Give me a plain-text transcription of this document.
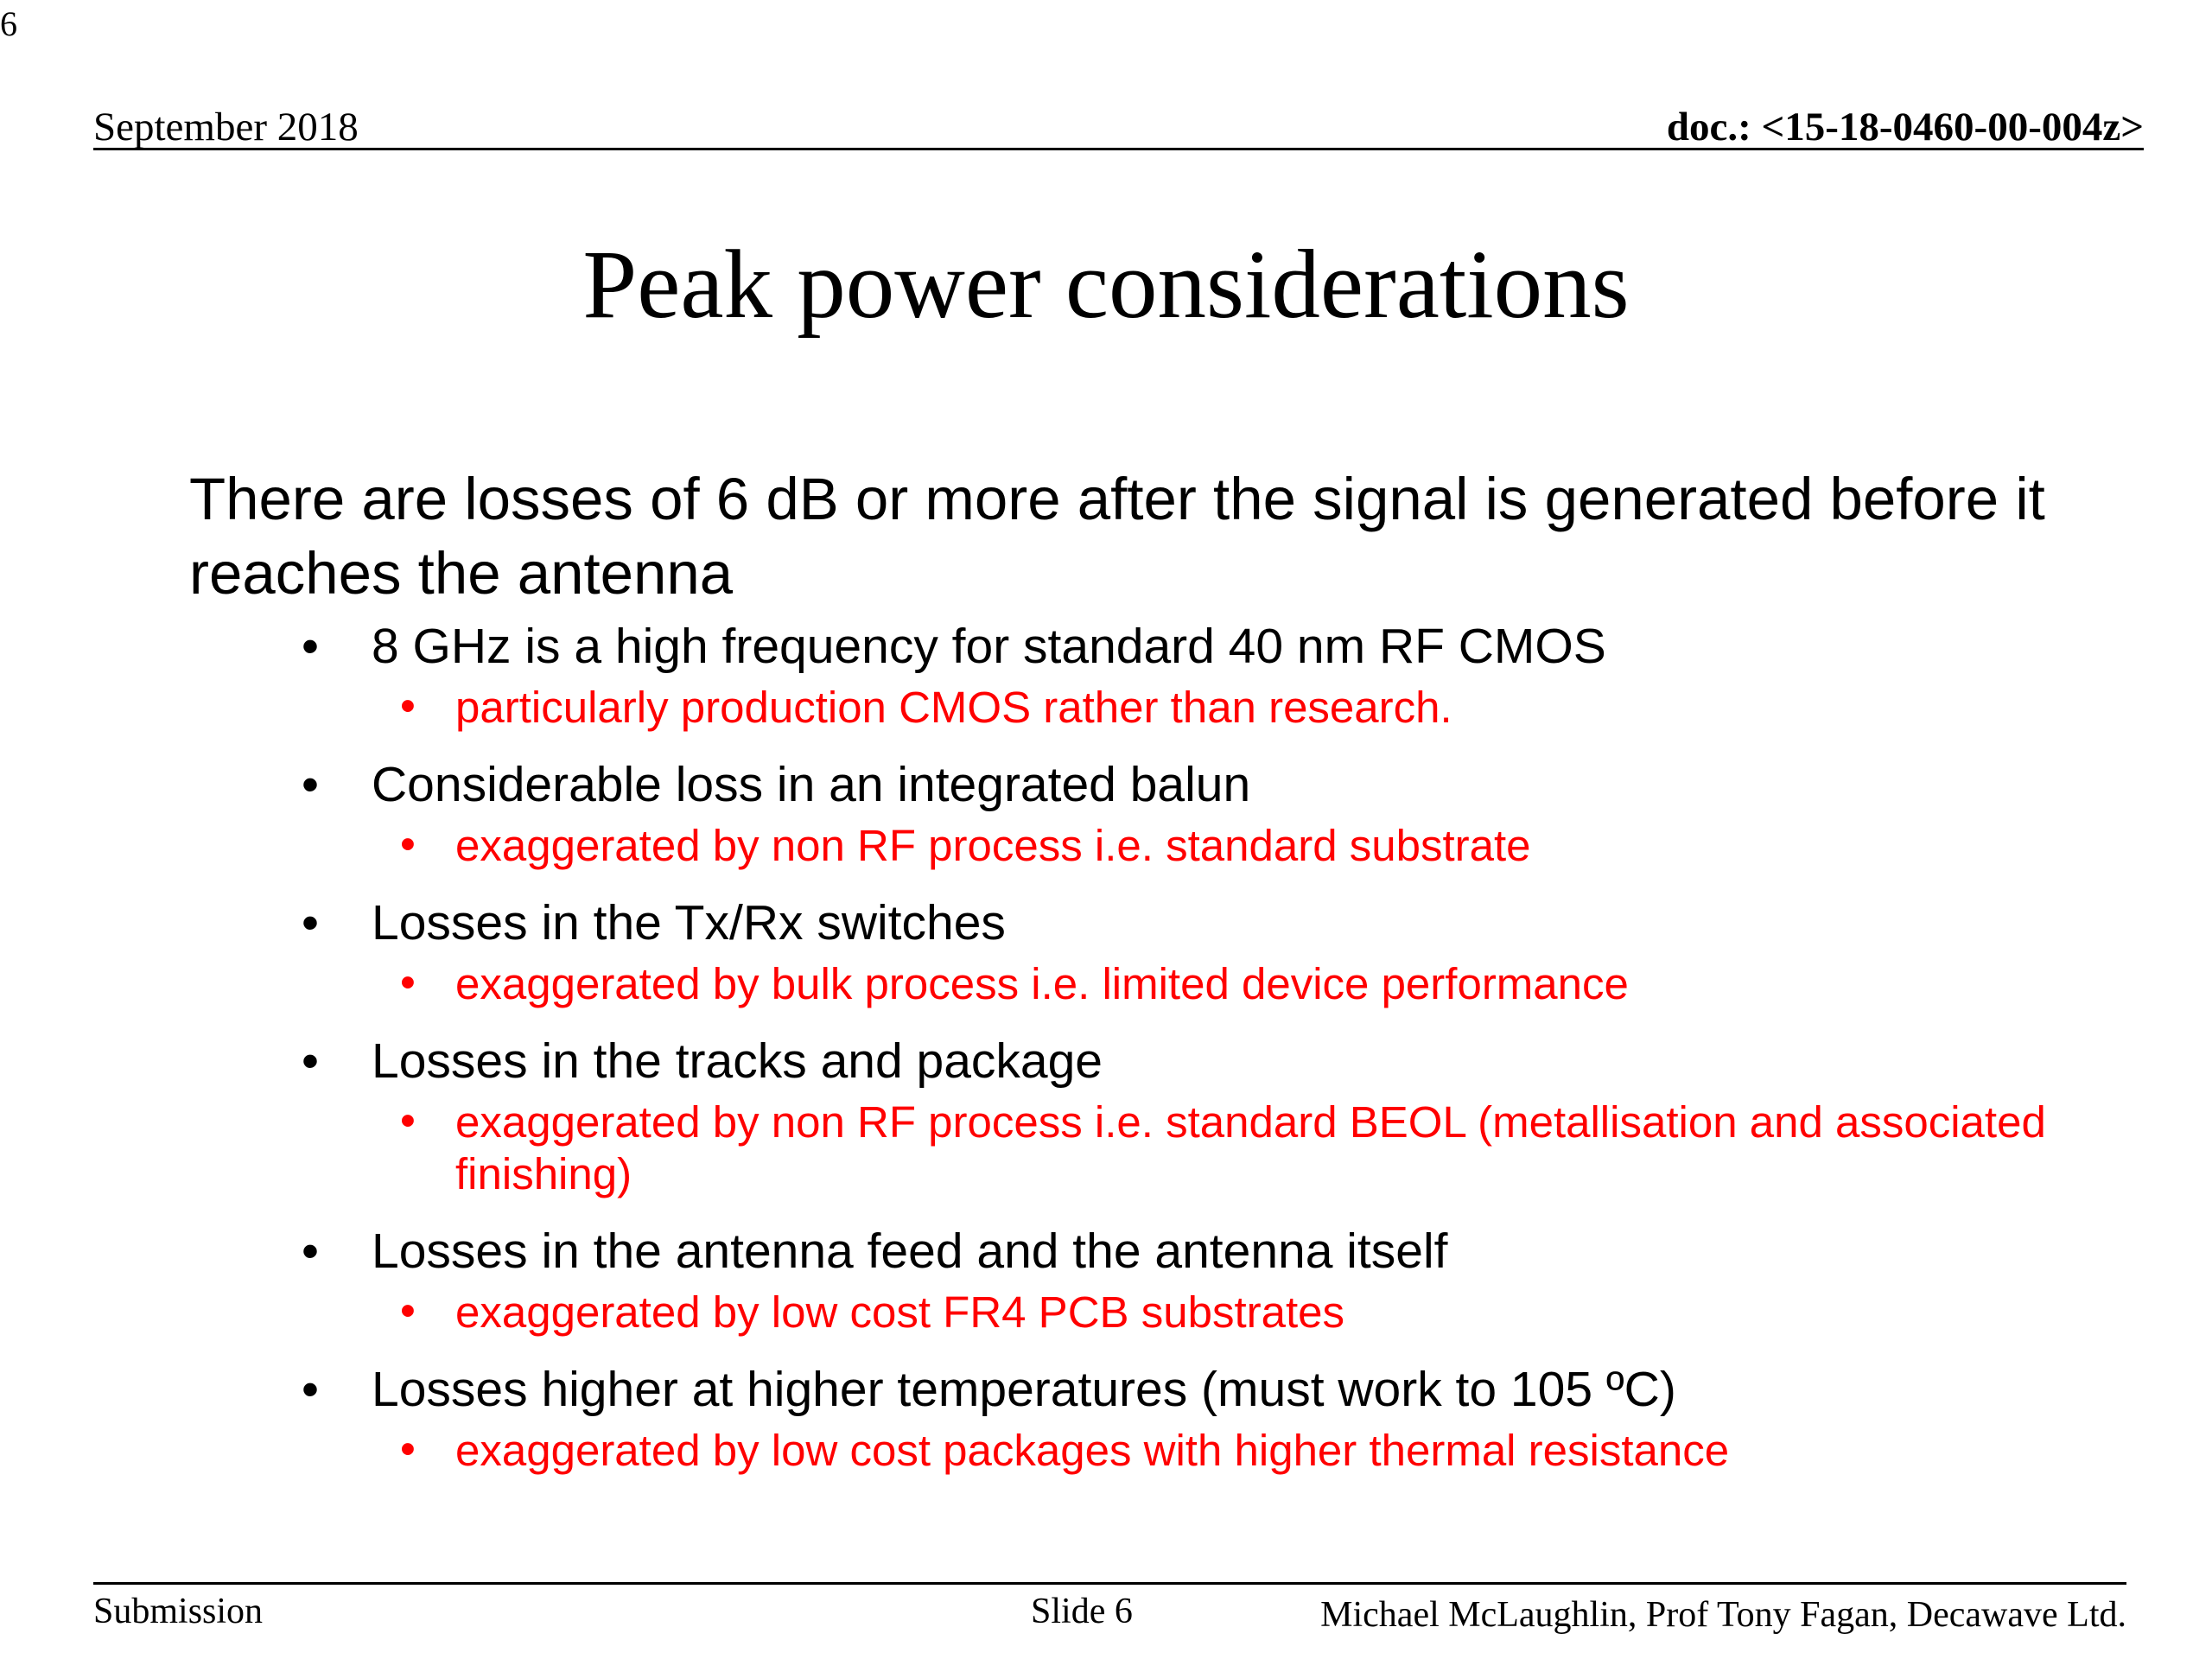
6
September 2018	doc.: <15-18-0460-00-004z>
Peak power considerations

There are losses of 6 dB or more after the signal is generated before it reaches the antenna

• 8 GHz is a high frequency for standard 40 nm RF CMOS
• particularly production CMOS rather than research.
• Considerable loss in an integrated balun
• exaggerated by non RF process i.e. standard substrate
• Losses in the Tx/Rx switches
• exaggerated by bulk process i.e. limited device performance
• Losses in the tracks and package
• exaggerated by non RF process i.e. standard BEOL (metallisation and associated finishing)
• Losses in the antenna feed and the antenna itself
• exaggerated by low cost FR4 PCB substrates
• Losses higher at higher temperatures (must work to 105 ºC)
• exaggerated by low cost packages with higher thermal resistance
Submission	Slide 6	Michael McLaughlin, Prof Tony Fagan, Decawave Ltd.
